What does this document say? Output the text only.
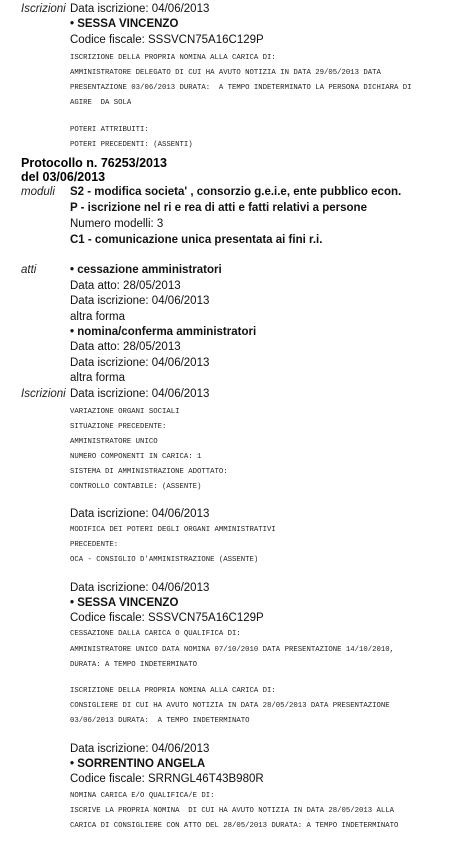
Iscrizioni Data iscrizione: 04/06/2013
• SESSA VINCENZO
Codice fiscale: SSSVCN75A16C129P
ISCRIZIONE DELLA PROPRIA NOMINA ALLA CARICA DI:
AMMINISTRATORE DELEGATO DI CUI HA AVUTO NOTIZIA IN DATA 29/05/2013 DATA
PRESENTAZIONE 03/06/2013 DURATA:  A TEMPO INDETERMINATO LA PERSONA DICHIARA DI
AGIRE  DA SOLA
POTERI ATTRIBUITI:
POTERI PRECEDENTI: (ASSENTI)
Protocollo n. 76253/2013
del 03/06/2013
moduli S2 - modifica societa' , consorzio g.e.i.e, ente pubblico econ.
P - iscrizione nel ri e rea di atti e fatti relativi a persone
Numero modelli: 3
C1 - comunicazione unica presentata ai fini r.i.
atti	• cessazione amministratori
Data atto: 28/05/2013
Data iscrizione: 04/06/2013
altra forma
• nomina/conferma amministratori
Data atto: 28/05/2013
Data iscrizione: 04/06/2013
altra forma
Iscrizioni Data iscrizione: 04/06/2013
VARIAZIONE ORGANI SOCIALI
SITUAZIONE PRECEDENTE:
AMMINISTRATORE UNICO
NUMERO COMPONENTI IN CARICA: 1
SISTEMA DI AMMINISTRAZIONE ADOTTATO:
CONTROLLO CONTABILE: (ASSENTE)
Data iscrizione: 04/06/2013
MODIFICA DEI POTERI DEGLI ORGANI AMMINISTRATIVI
PRECEDENTE:
OCA - CONSIGLIO D'AMMINISTRAZIONE (ASSENTE)
Data iscrizione: 04/06/2013
• SESSA VINCENZO
Codice fiscale: SSSVCN75A16C129P
CESSAZIONE DALLA CARICA O QUALIFICA DI:
AMMINISTRATORE UNICO DATA NOMINA 07/10/2010 DATA PRESENTAZIONE 14/10/2010,
DURATA: A TEMPO INDETERMINATO
ISCRIZIONE DELLA PROPRIA NOMINA ALLA CARICA DI:
CONSIGLIERE DI CUI HA AVUTO NOTIZIA IN DATA 28/05/2013 DATA PRESENTAZIONE
03/06/2013 DURATA:  A TEMPO INDETERMINATO
Data iscrizione: 04/06/2013
• SORRENTINO ANGELA
Codice fiscale: SRRNGL46T43B980R
NOMINA CARICA E/O QUALIFICA/E DI:
ISCRIVE LA PROPRIA NOMINA  DI CUI HA AVUTO NOTIZIA IN DATA 28/05/2013 ALLA
CARICA DI CONSIGLIERE CON ATTO DEL 28/05/2013 DURATA: A TEMPO INDETERMINATO
